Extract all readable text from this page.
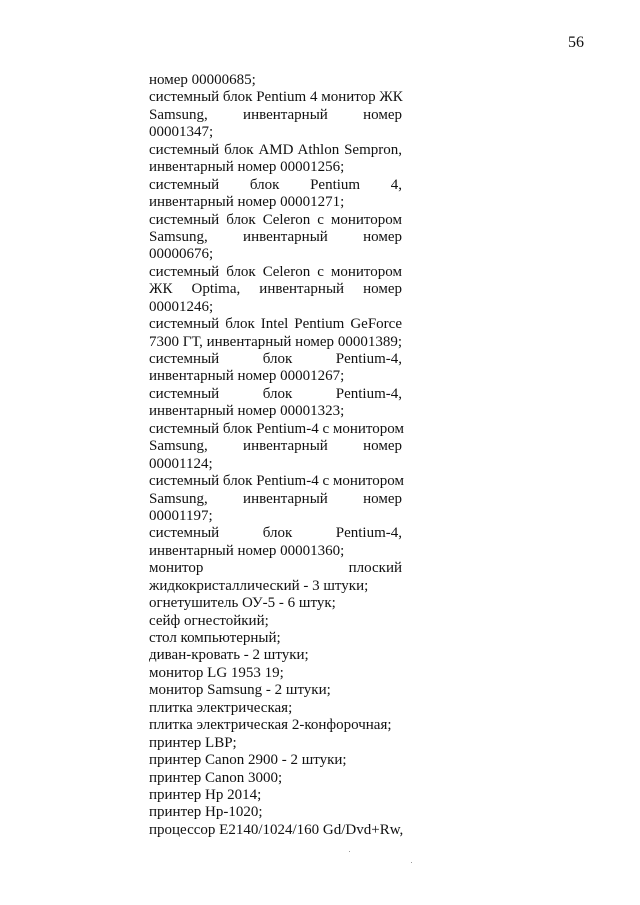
56
номер 00000685;
системный блок Pentium 4 монитор ЖК
Samsung, инвентарный номер
00001347;
системный блок AMD Athlon Sempron,
инвентарный номер 00001256;
системный блок Pentium 4,
инвентарный номер 00001271;
системный блок Celeron с монитором
Samsung, инвентарный номер
00000676;
системный блок Celeron с монитором
ЖК Optima, инвентарный номер
00001246;
системный блок Intel Pentium GeForce
7300 ГТ, инвентарный номер 00001389;
системный блок Pentium-4,
инвентарный номер 00001267;
системный блок Pentium-4,
инвентарный номер 00001323;
системный блок Pentium-4 с монитором
Samsung, инвентарный номер
00001124;
системный блок Pentium-4 с монитором
Samsung, инвентарный номер
00001197;
системный блок Pentium-4,
инвентарный номер 00001360;
монитор плоский
жидкокристаллический - 3 штуки;
огнетушитель ОУ-5 - 6 штук;
сейф огнестойкий;
стол компьютерный;
диван-кровать - 2 штуки;
монитор LG 1953 19;
монитор Samsung - 2 штуки;
плитка электрическая;
плитка электрическая 2-конфорочная;
принтер LBP;
принтер Canon 2900 - 2 штуки;
принтер Canon 3000;
принтер Hp 2014;
принтер Hp-1020;
процессор E2140/1024/160 Gd/Dvd+Rw,
